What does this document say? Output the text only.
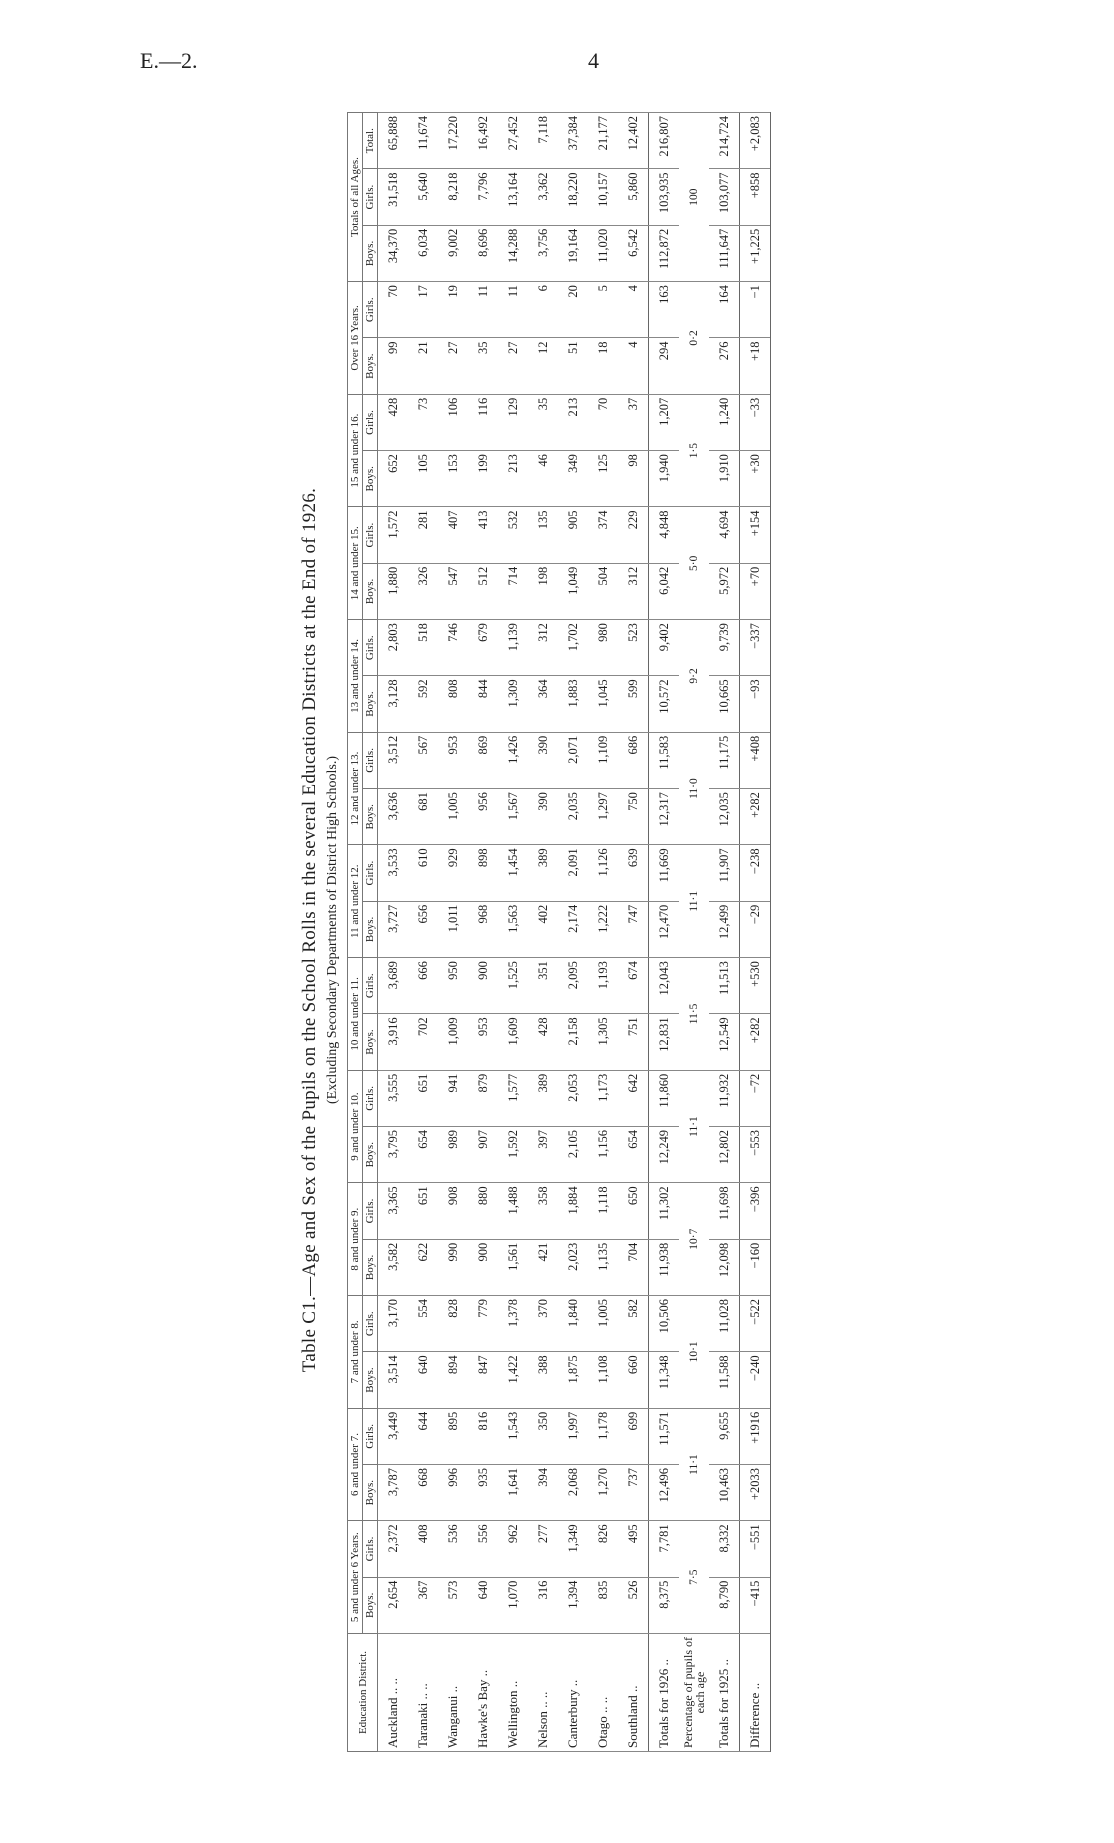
E.—2.	4
Table C1.—Age and Sex of the Pupils on the School Rolls in the several Education Districts at the End of 1926. (Excluding Secondary Departments of District High Schools.)
Education District.	5 and under 6 Years.		6 and under 7.		7 and under 8.		8 and under 9.		9 and under 10.		10 and under 11.		11 and under 12.		12 and under 13.		13 and under 14.		14 and under 15.		15 and under 16.		Over 16 Years.		Totals of all Ages.		
	Boys.	Girls.	Boys.	Girls.	Boys.	Girls.	Boys.	Girls.	Boys.	Girls.	Boys.	Girls.	Boys.	Girls.	Boys.	Girls.	Boys.	Girls.	Boys.	Girls.	Boys.	Girls.	Boys.	Girls.	Boys.	Girls.	Total.
Auckland .. ..	2,654	2,372	3,787	3,449	3,514	3,170	3,582	3,365	3,795	3,555	3,916	3,689	3,727	3,533	3,636	3,512	3,128	2,803	1,880	1,572	652	428	99	70	34,370	31,518	65,888
Taranaki .. ..	367	408	668	644	640	554	622	651	654	651	702	666	656	610	681	567	592	518	326	281	105	73	21	17	6,034	5,640	11,674
Wanganui ..	573	536	996	895	894	828	990	908	989	941	1,009	950	1,011	929	1,005	953	808	746	547	407	153	106	27	19	9,002	8,218	17,220
Hawke's Bay ..	640	556	935	816	847	779	900	880	907	879	953	900	968	898	956	869	844	679	512	413	199	116	35	11	8,696	7,796	16,492
Wellington ..	1,070	962	1,641	1,543	1,422	1,378	1,561	1,488	1,592	1,577	1,609	1,525	1,563	1,454	1,567	1,426	1,309	1,139	714	532	213	129	27	11	14,288	13,164	27,452
Nelson .. ..	316	277	394	350	388	370	421	358	397	389	428	351	402	389	390	390	364	312	198	135	46	35	12	6	3,756	3,362	7,118
Canterbury ..	1,394	1,349	2,068	1,997	1,875	1,840	2,023	1,884	2,105	2,053	2,158	2,095	2,174	2,091	2,035	2,071	1,883	1,702	1,049	905	349	213	51	20	19,164	18,220	37,384
Otago .. ..	835	826	1,270	1,178	1,108	1,005	1,135	1,118	1,156	1,173	1,305	1,193	1,222	1,126	1,297	1,109	1,045	980	504	374	125	70	18	5	11,020	10,157	21,177
Southland ..	526	495	737	699	660	582	704	650	654	642	751	674	747	639	750	686	599	523	312	229	98	37	4	4	6,542	5,860	12,402
Totals for 1926 ..	8,375	7,781	12,496	11,571	11,348	10,506	11,938	11,302	12,249	11,860	12,831	12,043	12,470	11,669	12,317	11,583	10,572	9,402	6,042	4,848	1,940	1,207	294	163	112,872	103,935	216,807
Percentage of pupils of each age	7·5		11·1		10·1		10·7		11·1		11·5		11·1		11·0		9·2		5·0		1·5		0·2		100		
Totals for 1925 ..	8,790	8,332	10,463	9,655	11,588	11,028	12,098	11,698	12,802	11,932	12,549	11,513	12,499	11,907	12,035	11,175	10,665	9,739	5,972	4,694	1,910	1,240	276	164	111,647	103,077	214,724
Difference ..	−415	−551	+2033	+1916	−240	−522	−160	−396	−553	−72	+282	+530	−29	−238	+282	+408	−93	−337	+70	+154	+30	−33	+18	−1	+1,225	+858	+2,083
